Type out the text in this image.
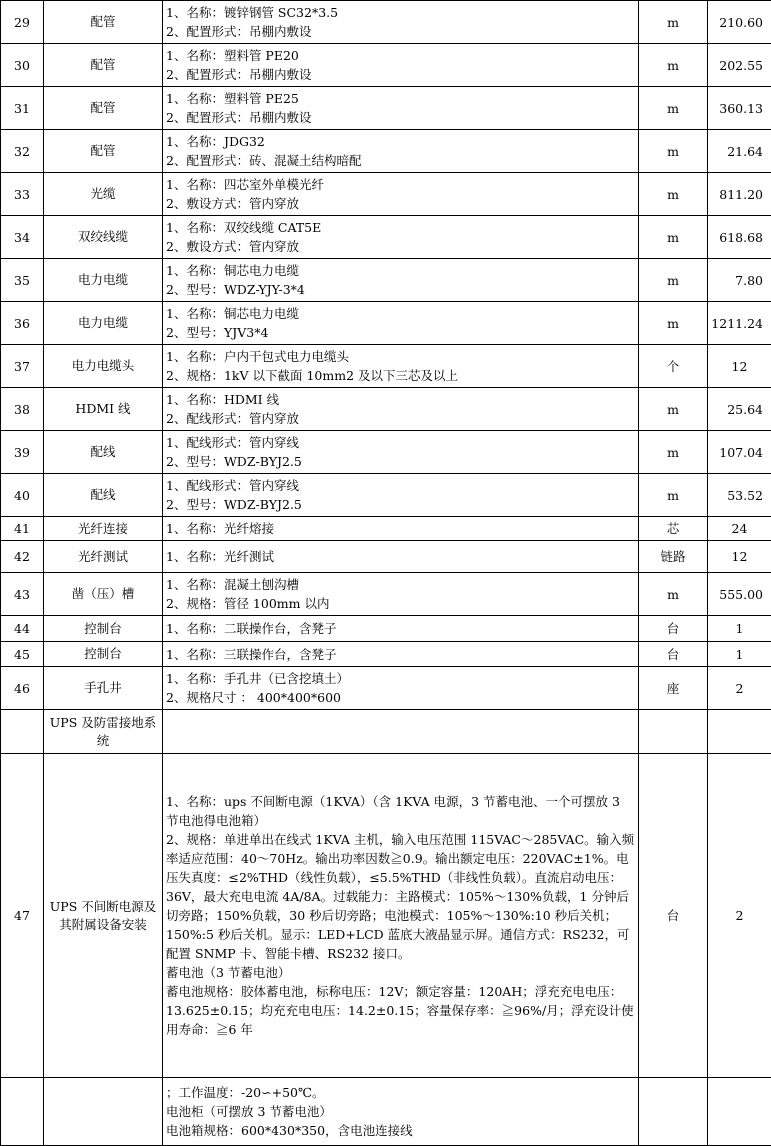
29	配管	1、名称：镀锌钢管 SC32*3.5
2、配置形式：吊棚内敷设	m	210.60
30	配管	1、名称：塑料管 PE20
2、配置形式：吊棚内敷设	m	202.55
31	配管	1、名称：塑料管 PE25
2、配置形式：吊棚内敷设	m	360.13
32	配管	1、名称：JDG32
2、配置形式：砖、混凝土结构暗配	m	21.64
33	光缆	1、名称：四芯室外单模光纤
2、敷设方式：管内穿放	m	811.20
34	双绞线缆	1、名称：双绞线缆 CAT5E
2、敷设方式：管内穿放	m	618.68
35	电力电缆	1、名称：铜芯电力电缆
2、型号：WDZ-YJY-3*4	m	7.80
36	电力电缆	1、名称：铜芯电力电缆
2、型号：YJV3*4	m	1211.24
37	电力电缆头	1、名称：户内干包式电力电缆头
2、规格：1kV 以下截面 10mm2 及以下三芯及以上	个	12
38	HDMI 线	1、名称：HDMI 线
2、配线形式：管内穿放	m	25.64
39	配线	1、配线形式：管内穿线
2、型号：WDZ-BYJ2.5	m	107.04
40	配线	1、配线形式：管内穿线
2、型号：WDZ-BYJ2.5	m	53.52
41	光纤连接	1、名称：光纤熔接	芯	24
42	光纤测试	1、名称：光纤测试	链路	12
43	凿（压）槽	1、名称：混凝土刨沟槽
2、规格：管径 100mm 以内	m	555.00
44	控制台	1、名称：二联操作台，含凳子	台	1
45	控制台	1、名称：三联操作台，含凳子	台	1
46	手孔井	1、名称：手孔井（已含挖填土）
2、规格尺寸 ： 400*400*600	座	2
	UPS 及防雷接地系统			
47	UPS 不间断电源及其附属设备安装	1、名称：ups 不间断电源（1KVA）（含 1KVA 电源，3 节蓄电池、一个可摆放 3 节电池得电池箱）
2、规格：单进单出在线式 1KVA 主机，输入电压范围 115VAC～285VAC。输入频率适应范围：40～70Hz。输出功率因数≧0.9。输出额定电压：220VAC±1%。电压失真度：≤2%THD（线性负载），≤5.5%THD（非线性负载）。直流启动电压：36V，最大充电电流 4A/8A。过载能力：主路模式：105%～130%负载，1 分钟后切旁路；150%负载，30 秒后切旁路；电池模式：105%～130%:10 秒后关机；150%:5 秒后关机。显示：LED+LCD 蓝底大液晶显示屏。通信方式：RS232，可配置 SNMP 卡、智能卡槽、RS232 接口。
蓄电池（3 节蓄电池）
蓄电池规格：胶体蓄电池，标称电压：12V；额定容量：120AH；浮充充电电压：13.625±0.15；均充充电电压：14.2±0.15；容量保存率：≧96%/月；浮充设计使用寿命：≧6 年	台	2

		；工作温度：-20∽+50℃。
电池柜（可摆放 3 节蓄电池）
电池箱规格：600*430*350，含电池连接线		
